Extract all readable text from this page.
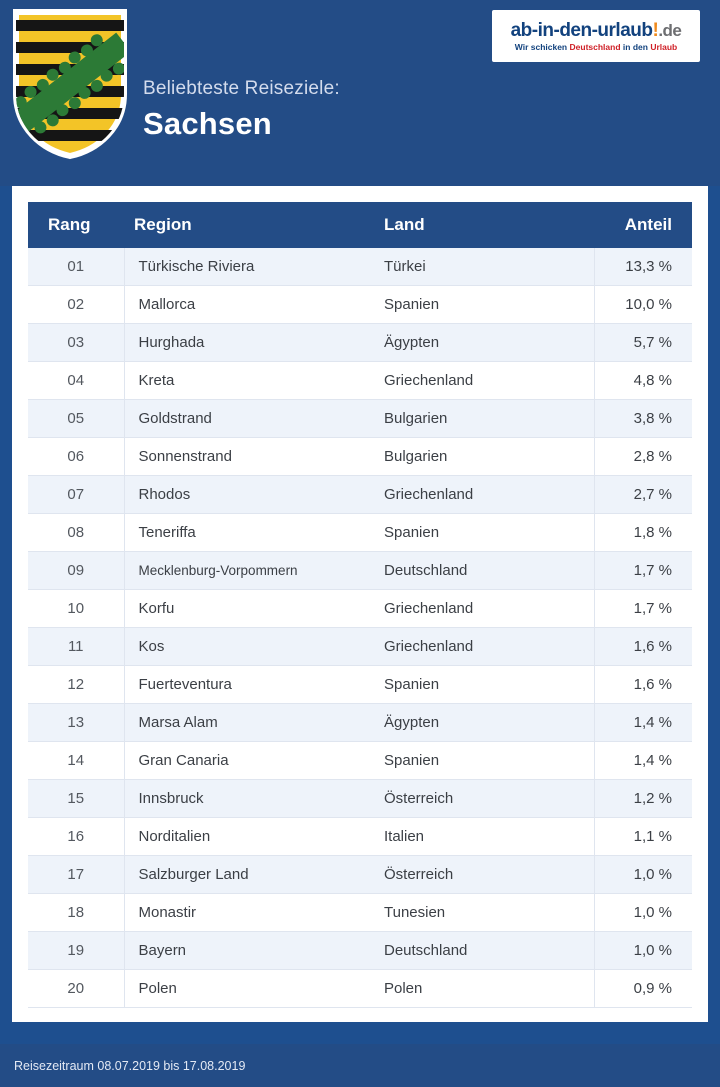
ab-in-den-urlaub!.de
Wir schicken Deutschland in den Urlaub

Beliebteste Reiseziele:

Sachsen

Rang	Region	Land	Anteil
01	Türkische Riviera	Türkei	13,3 %
02	Mallorca	Spanien	10,0 %
03	Hurghada	Ägypten	5,7 %
04	Kreta	Griechenland	4,8 %
05	Goldstrand	Bulgarien	3,8 %
06	Sonnenstrand	Bulgarien	2,8 %
07	Rhodos	Griechenland	2,7 %
08	Teneriffa	Spanien	1,8 %
09	Mecklenburg-Vorpommern	Deutschland	1,7 %
10	Korfu	Griechenland	1,7 %
11	Kos	Griechenland	1,6 %
12	Fuerteventura	Spanien	1,6 %
13	Marsa Alam	Ägypten	1,4 %
14	Gran Canaria	Spanien	1,4 %
15	Innsbruck	Österreich	1,2 %
16	Norditalien	Italien	1,1 %
17	Salzburger Land	Österreich	1,0 %
18	Monastir	Tunesien	1,0 %
19	Bayern	Deutschland	1,0 %
20	Polen	Polen	0,9 %
Reisezeitraum 08.07.2019 bis 17.08.2019
